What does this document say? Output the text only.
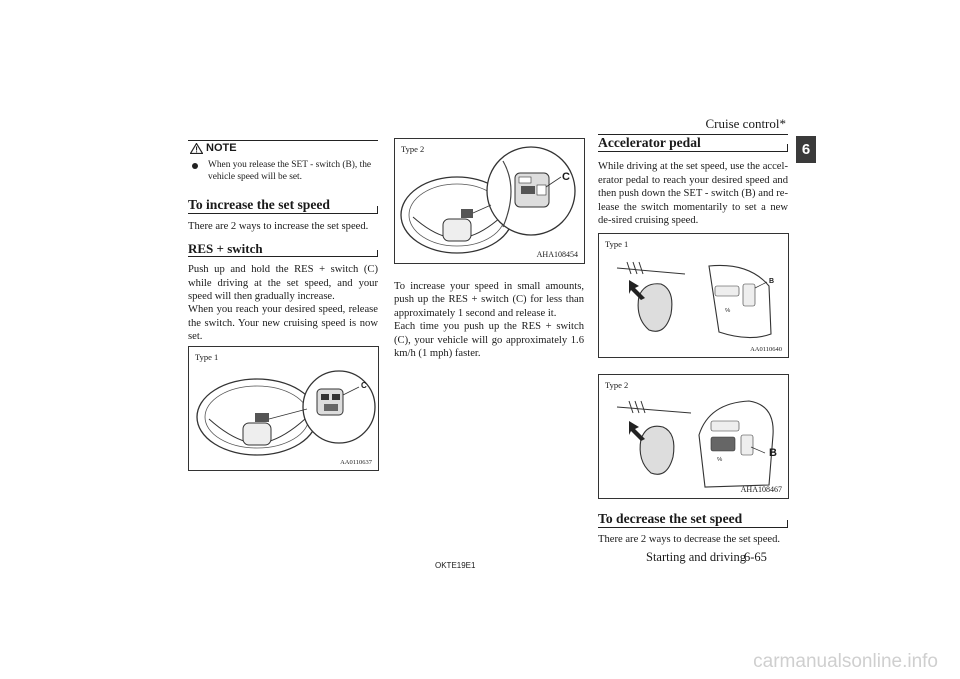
Cruise control*
6
NOTE
When you release the SET - switch (B), the vehicle speed will be set.
To increase the set speed

There are 2 ways to increase the set speed.

RES + switch

Push up and hold the RES + switch (C) while driving at the set speed, and your speed will then gradually increase.

When you reach your desired speed, release the switch. Your new cruising speed is now set.

Type 1
C
AA0110637
Type 2
C
AHA108454

To increase your speed in small amounts, push up the RES + switch (C) for less than approximately 1 second and release it.

Each time you push up the RES + switch (C), your vehicle will go approximately 1.6 km/h (1 mph) faster.

Accelerator pedal

While driving at the set speed, use the accel-erator pedal to reach your desired speed and then push down the SET - switch (B) and re-lease the switch momentarily to set a new de-sired cruising speed.

Type 1
℅
B
AA0110640
Type 2
℅
B
AHA108467
To decrease the set speed

There are 2 ways to decrease the set speed.

OKTE19E1
Starting and driving
6-65
carmanualsonline.info
